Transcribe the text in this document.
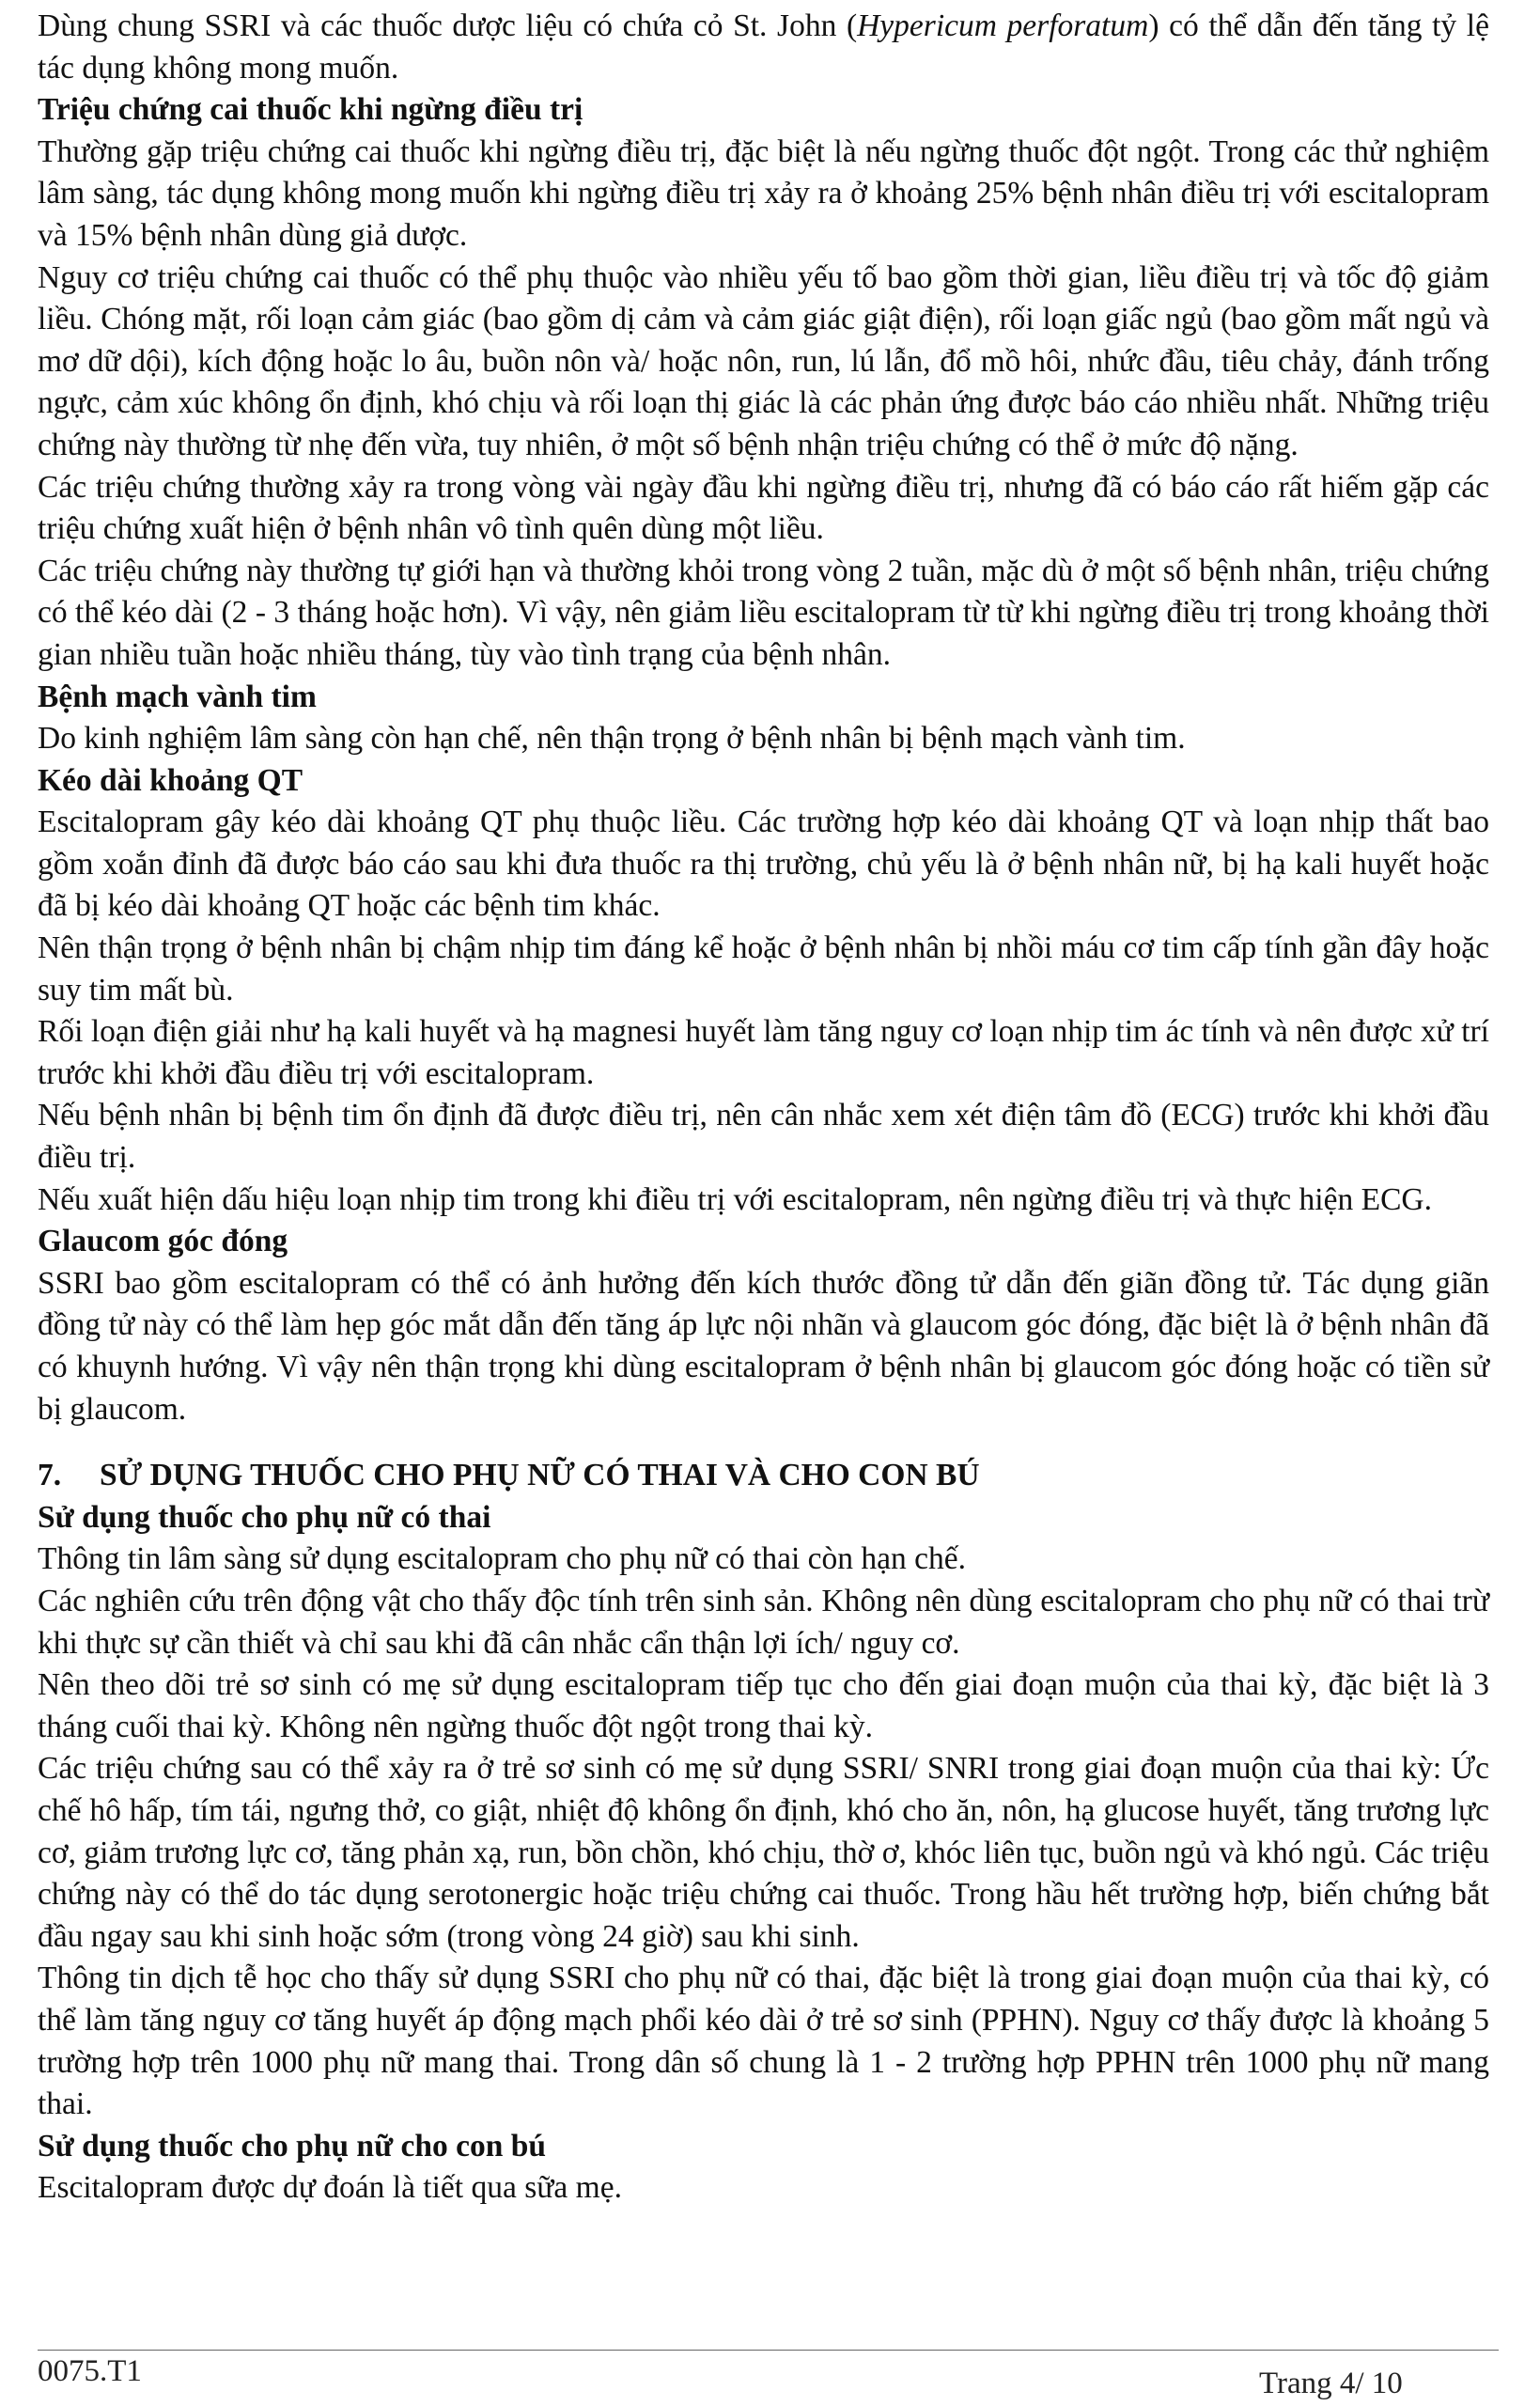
Dùng chung SSRI và các thuốc dược liệu có chứa cỏ St. John (Hypericum perforatum) có thể dẫn đến tăng tỷ lệ tác dụng không mong muốn.

Triệu chứng cai thuốc khi ngừng điều trị

Thường gặp triệu chứng cai thuốc khi ngừng điều trị, đặc biệt là nếu ngừng thuốc đột ngột. Trong các thử nghiệm lâm sàng, tác dụng không mong muốn khi ngừng điều trị xảy ra ở khoảng 25% bệnh nhân điều trị với escitalopram và 15% bệnh nhân dùng giả dược.

Nguy cơ triệu chứng cai thuốc có thể phụ thuộc vào nhiều yếu tố bao gồm thời gian, liều điều trị và tốc độ giảm liều. Chóng mặt, rối loạn cảm giác (bao gồm dị cảm và cảm giác giật điện), rối loạn giấc ngủ (bao gồm mất ngủ và mơ dữ dội), kích động hoặc lo âu, buồn nôn và/ hoặc nôn, run, lú lẫn, đổ mồ hôi, nhức đầu, tiêu chảy, đánh trống ngực, cảm xúc không ổn định, khó chịu và rối loạn thị giác là các phản ứng được báo cáo nhiều nhất. Những triệu chứng này thường từ nhẹ đến vừa, tuy nhiên, ở một số bệnh nhận triệu chứng có thể ở mức độ nặng.

Các triệu chứng thường xảy ra trong vòng vài ngày đầu khi ngừng điều trị, nhưng đã có báo cáo rất hiếm gặp các triệu chứng xuất hiện ở bệnh nhân vô tình quên dùng một liều.

Các triệu chứng này thường tự giới hạn và thường khỏi trong vòng 2 tuần, mặc dù ở một số bệnh nhân, triệu chứng có thể kéo dài (2 - 3 tháng hoặc hơn). Vì vậy, nên giảm liều escitalopram từ từ khi ngừng điều trị trong khoảng thời gian nhiều tuần hoặc nhiều tháng, tùy vào tình trạng của bệnh nhân.

Bệnh mạch vành tim

Do kinh nghiệm lâm sàng còn hạn chế, nên thận trọng ở bệnh nhân bị bệnh mạch vành tim.

Kéo dài khoảng QT

Escitalopram gây kéo dài khoảng QT phụ thuộc liều. Các trường hợp kéo dài khoảng QT và loạn nhịp thất bao gồm xoắn đỉnh đã được báo cáo sau khi đưa thuốc ra thị trường, chủ yếu là ở bệnh nhân nữ, bị hạ kali huyết hoặc đã bị kéo dài khoảng QT hoặc các bệnh tim khác.

Nên thận trọng ở bệnh nhân bị chậm nhịp tim đáng kể hoặc ở bệnh nhân bị nhồi máu cơ tim cấp tính gần đây hoặc suy tim mất bù.

Rối loạn điện giải như hạ kali huyết và hạ magnesi huyết làm tăng nguy cơ loạn nhịp tim ác tính và nên được xử trí trước khi khởi đầu điều trị với escitalopram.

Nếu bệnh nhân bị bệnh tim ổn định đã được điều trị, nên cân nhắc xem xét điện tâm đồ (ECG) trước khi khởi đầu điều trị.

Nếu xuất hiện dấu hiệu loạn nhịp tim trong khi điều trị với escitalopram, nên ngừng điều trị và thực hiện ECG.

Glaucom góc đóng

SSRI bao gồm escitalopram có thể có ảnh hưởng đến kích thước đồng tử dẫn đến giãn đồng tử. Tác dụng giãn đồng tử này có thể làm hẹp góc mắt dẫn đến tăng áp lực nội nhãn và glaucom góc đóng, đặc biệt là ở bệnh nhân đã có khuynh hướng. Vì vậy nên thận trọng khi dùng escitalopram ở bệnh nhân bị glaucom góc đóng hoặc có tiền sử bị glaucom.

7. SỬ DỤNG THUỐC CHO PHỤ NỮ CÓ THAI VÀ CHO CON BÚ

Sử dụng thuốc cho phụ nữ có thai

Thông tin lâm sàng sử dụng escitalopram cho phụ nữ có thai còn hạn chế.

Các nghiên cứu trên động vật cho thấy độc tính trên sinh sản. Không nên dùng escitalopram cho phụ nữ có thai trừ khi thực sự cần thiết và chỉ sau khi đã cân nhắc cẩn thận lợi ích/ nguy cơ.

Nên theo dõi trẻ sơ sinh có mẹ sử dụng escitalopram tiếp tục cho đến giai đoạn muộn của thai kỳ, đặc biệt là 3 tháng cuối thai kỳ. Không nên ngừng thuốc đột ngột trong thai kỳ.

Các triệu chứng sau có thể xảy ra ở trẻ sơ sinh có mẹ sử dụng SSRI/ SNRI trong giai đoạn muộn của thai kỳ: Ức chế hô hấp, tím tái, ngưng thở, co giật, nhiệt độ không ổn định, khó cho ăn, nôn, hạ glucose huyết, tăng trương lực cơ, giảm trương lực cơ, tăng phản xạ, run, bồn chồn, khó chịu, thờ ơ, khóc liên tục, buồn ngủ và khó ngủ. Các triệu chứng này có thể do tác dụng serotonergic hoặc triệu chứng cai thuốc. Trong hầu hết trường hợp, biến chứng bắt đầu ngay sau khi sinh hoặc sớm (trong vòng 24 giờ) sau khi sinh.

Thông tin dịch tễ học cho thấy sử dụng SSRI cho phụ nữ có thai, đặc biệt là trong giai đoạn muộn của thai kỳ, có thể làm tăng nguy cơ tăng huyết áp động mạch phổi kéo dài ở trẻ sơ sinh (PPHN). Nguy cơ thấy được là khoảng 5 trường hợp trên 1000 phụ nữ mang thai. Trong dân số chung là 1 - 2 trường hợp PPHN trên 1000 phụ nữ mang thai.

Sử dụng thuốc cho phụ nữ cho con bú

Escitalopram được dự đoán là tiết qua sữa mẹ.

0075.T1	Trang 4/ 10
